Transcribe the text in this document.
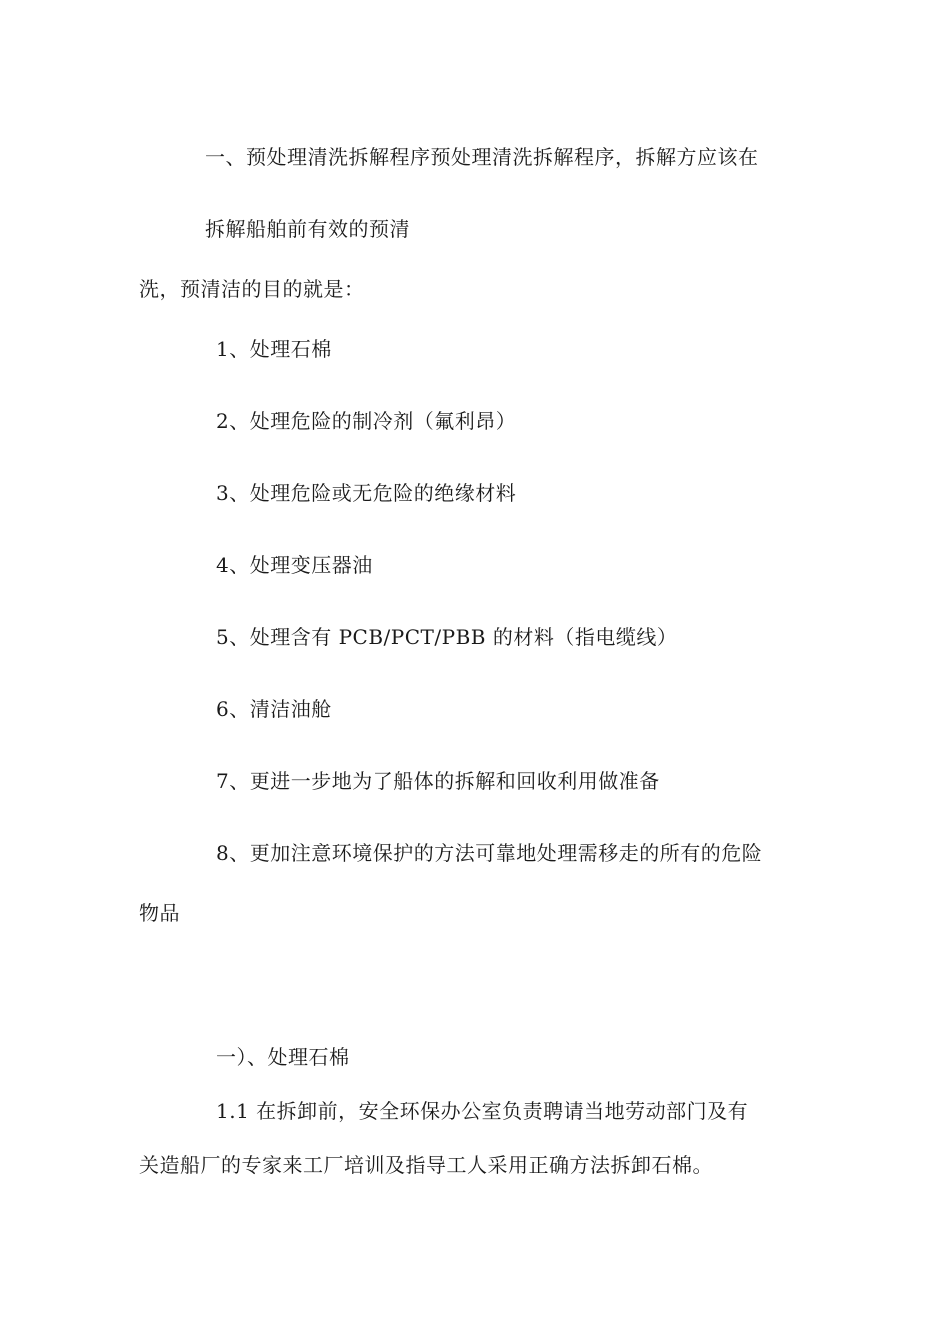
一、预处理清洗拆解程序预处理清洗拆解程序，拆解方应该在
拆解船舶前有效的预清
洗，预清洁的目的就是：
1、处理石棉
2、处理危险的制冷剂（氟利昂）
3、处理危险或无危险的绝缘材料
4、处理变压器油
5、处理含有 PCB/PCT/PBB 的材料（指电缆线）
6、清洁油舱
7、更进一步地为了船体的拆解和回收利用做准备
8、更加注意环境保护的方法可靠地处理需移走的所有的危险
物品
一）、处理石棉
1.1 在拆卸前，安全环保办公室负责聘请当地劳动部门及有
关造船厂的专家来工厂培训及指导工人采用正确方法拆卸石棉。
